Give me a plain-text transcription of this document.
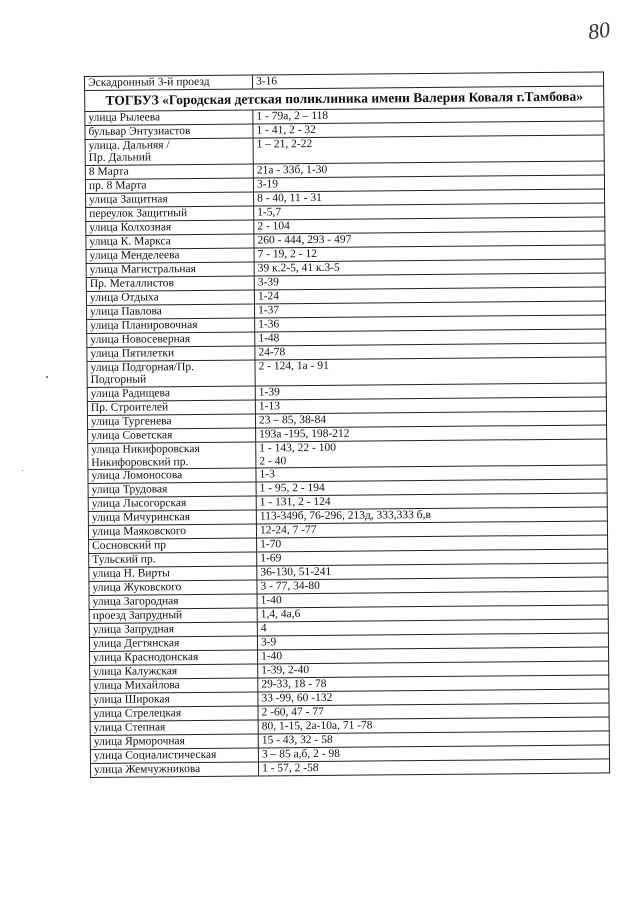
80
Эскадронный 3-й проезд	3-16
ТОГБУЗ «Городская детская поликлиника имени Валерия Коваля г.Тамбова»	
улица Рылеева	1 - 79а, 2 – 118
бульвар Энтузиастов	1 - 41, 2 - 32
улица. Дальняя /
Пр. Дальний	1 – 21, 2-22
8 Марта	21а - 33б, 1-30
пр. 8 Марта	3-19
улица Защитная	8 - 40, 11 - 31
переулок Защитный	1-5,7
улица Колхозная	2 - 104
улица К. Маркса	260 - 444, 293 - 497
улица Менделеева	7 - 19, 2 - 12
улица Магистральная	39 к.2-5, 41 к.3-5
Пр. Металлистов	3-39
улица Отдыха	1-24
улица Павлова	1-37
улица Планировочная	1-36
улица Новосеверная	1-48
улица Пятилетки	24-78
улица Подгорная/Пр.
Подгорный	2 - 124, 1а - 91
улица Радищева	1-39
Пр. Строителей	1-13
улица Тургенева	23 – 85, 38-84
улица Советская	193а -195, 198-212
улица Никифоровская
Никифоровский пр.	1 - 143, 22 - 100
2 - 40
улица Ломоносова	1-3
улица Трудовая	1 - 95, 2 - 194
улица Лысогорская	1 - 131, 2 - 124
улица Мичуринская	113-349б, 76-296, 213д, 333,333 б,в
улица Маяковского	12-24, 7 -77
Сосновский пр	1-70
Тульский пр.	1-69
улица Н. Вирты	36-130, 51-241
улица Жуковского	3 - 77, 34-80
улица Загородная	1-40
проезд Запрудный	1,4, 4а,6
улица Запрудная	4
улица Дегтянская	3-9
улица Краснодонская	1-40
улица Калужская	1-39, 2-40
улица Михайлова	29-33, 18 - 78
улица Широкая	33 -99, 60 -132
улица Стрелецкая	2 -60, 47 - 77
улица Степная	80, 1-15, 2а-10а, 71 -78
улица Ярморочная	15 - 43, 32 - 58
улица Социалистическая	3 – 85 а,б, 2 - 98
улица Жемчужникова	1 - 57, 2 -58
